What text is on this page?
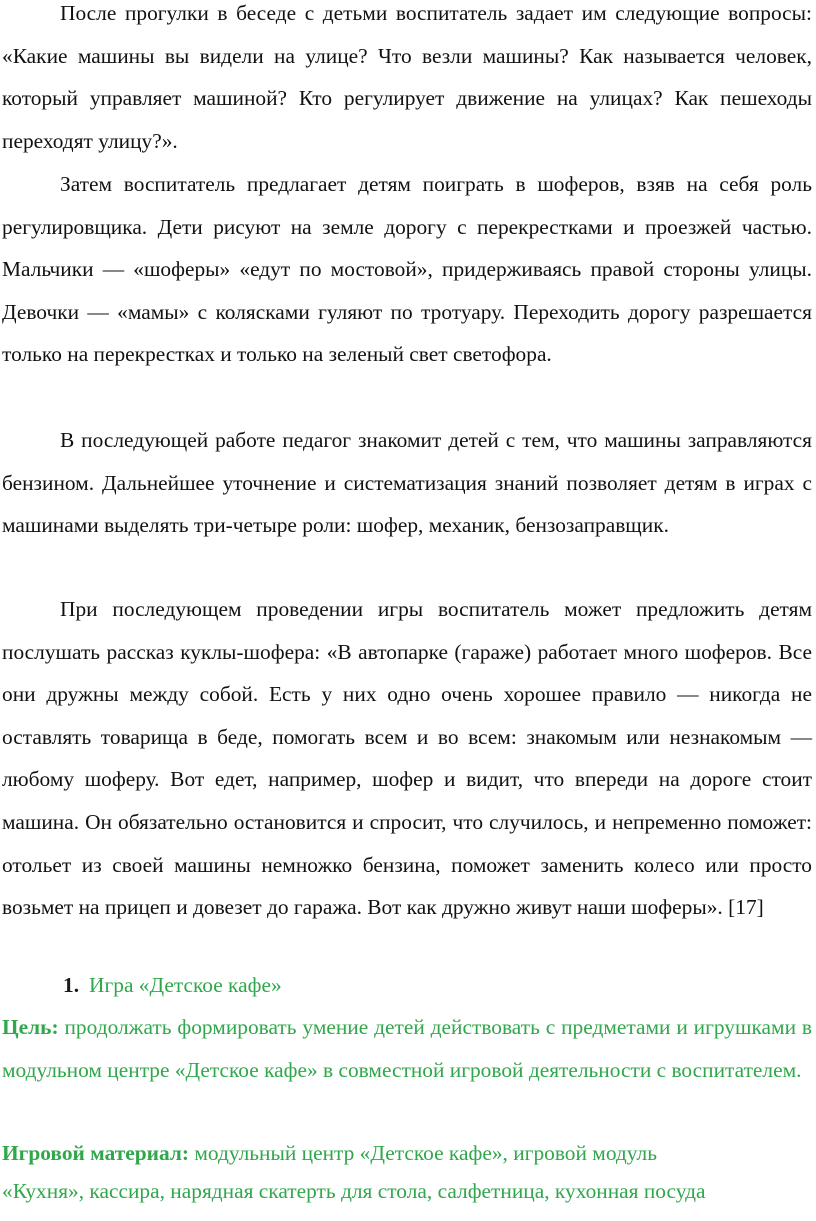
После прогулки в беседе с детьми воспитатель задает им следующие вопросы: «Какие машины вы видели на улице? Что везли машины? Как называется человек, который управляет машиной? Кто регулирует движение на улицах? Как пешеходы переходят улицу?».

Затем воспитатель предлагает детям поиграть в шоферов, взяв на себя роль регулировщика. Дети рисуют на земле дорогу с перекрестками и проезжей частью. Мальчики — «шоферы» «едут по мостовой», придерживаясь правой стороны улицы. Девочки — «мамы» с колясками гуляют по тротуару. Переходить дорогу разрешается только на перекрестках и только на зеленый свет светофора.

В последующей работе педагог знакомит детей с тем, что машины заправляются бензином. Дальнейшее уточнение и систематизация знаний позволяет детям в играх с машинами выделять три-четыре роли: шофер, механик, бензозаправщик.

При последующем проведении игры воспитатель может предложить детям послушать рассказ куклы-шофера: «В автопарке (гараже) работает много шоферов. Все они дружны между собой. Есть у них одно очень хорошее правило — никогда не оставлять товарища в беде, помогать всем и во всем: знакомым или незнакомым — любому шоферу. Вот едет, например, шофер и видит, что впереди на дороге стоит машина. Он обязательно остановится и спросит, что случилось, и непременно поможет: отольет из своей машины немножко бензина, поможет заменить колесо или просто возьмет на прицеп и довезет до гаража. Вот как дружно живут наши шоферы». [17]

1. Игра «Детское кафе»

Цель: продолжать формировать умение детей действовать с предметами и игрушками в модульном центре «Детское кафе» в совместной игровой деятельности с воспитателем.

Игровой материал: модульный центр «Детское кафе», игровой модуль
«Кухня», кассира, нарядная скатерть для стола, салфетница, кухонная посуда
